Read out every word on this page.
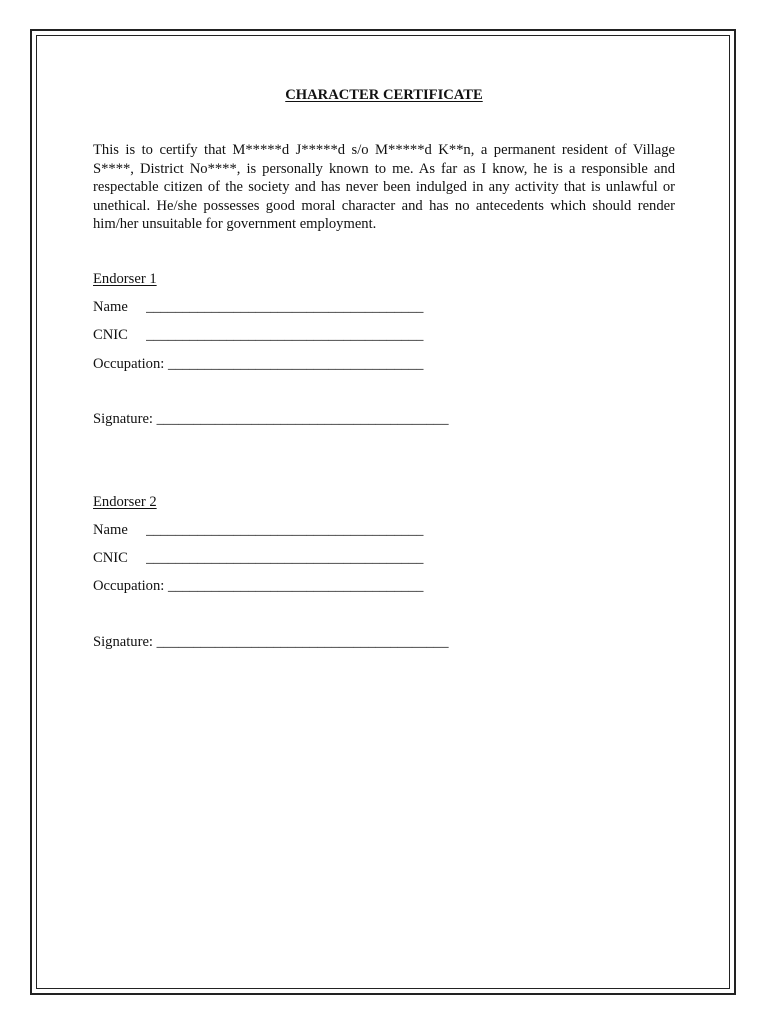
CHARACTER CERTIFICATE
This is to certify that M*****d J*****d s/o M*****d K**n, a permanent resident of Village S****, District No****, is personally known to me. As far as I know, he is a responsible and respectable citizen of the society and has never been indulged in any activity that is unlawful or unethical. He/she possesses good moral character and has no antecedents which should render him/her unsuitable for government employment.
Endorser 1
Name     ______________________________________
CNIC     ______________________________________
Occupation: ___________________________________
Signature: ________________________________________
Endorser 2
Name     ______________________________________
CNIC     ______________________________________
Occupation: ___________________________________
Signature: ________________________________________
